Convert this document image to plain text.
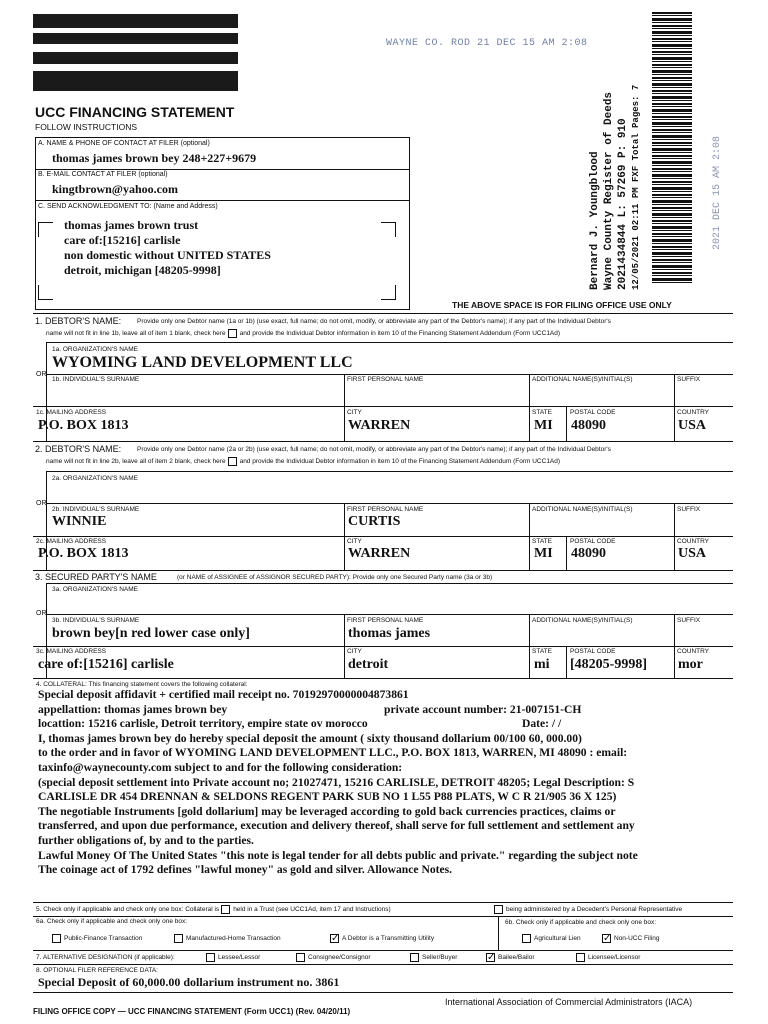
UCC FINANCING STATEMENT
FOLLOW INSTRUCTIONS
WAYNE CO. ROD 21 DEC 15 AM 2:08
A. NAME & PHONE OF CONTACT AT FILER (optional)
thomas james brown bey 248+227+9679
B. E-MAIL CONTACT AT FILER (optional)
kingtbrown@yahoo.com
C. SEND ACKNOWLEDGMENT TO: (Name and Address)
thomas james brown trust
care of:[15216] carlisle
non domestic without UNITED STATES
detroit, michigan [48205-9998]	Bernard J. Youngblood Wayne County Register of Deeds 2021434844 L: 57269 P: 910 12/05/2021 02:11 PM FXF Total Pages: 7	2021 DEC 15 AM 2:08
THE ABOVE SPACE IS FOR FILING OFFICE USE ONLY
1. DEBTOR'S NAME: Provide only one Debtor name (1a or 1b) (use exact, full name; do not omit, modify, or abbreviate any part of the Debtor's name); if any part of the Individual Debtor's
name will not fit in line 1b, leave all of item 1 blank, check here and provide the Individual Debtor information in item 10 of the Financing Statement Addendum (Form UCC1Ad)
OR
1a. ORGANIZATION'S NAME
WYOMING LAND DEVELOPMENT LLC
1b. INDIVIDUAL'S SURNAME	FIRST PERSONAL NAME	ADDITIONAL NAME(S)/INITIAL(S)	SUFFIX
1c. MAILING ADDRESS
P.O. BOX 1813
CITY
WARREN
STATE
MI
POSTAL CODE
48090
COUNTRY
USA
2. DEBTOR'S NAME: Provide only one Debtor name (2a or 2b) (use exact, full name; do not omit, modify, or abbreviate any part of the Debtor's name); if any part of the Individual Debtor's
name will not fit in line 2b, leave all of item 2 blank, check here and provide the Individual Debtor information in item 10 of the Financing Statement Addendum (Form UCC1Ad)
OR
2a. ORGANIZATION'S NAME
2b. INDIVIDUAL'S SURNAME
WINNIE
FIRST PERSONAL NAME
CURTIS
ADDITIONAL NAME(S)/INITIAL(S)	SUFFIX
2c. MAILING ADDRESS
P.O. BOX 1813
CITY
WARREN
STATE
MI
POSTAL CODE
48090
COUNTRY
USA
3. SECURED PARTY'S NAME	(or NAME of ASSIGNEE of ASSIGNOR SECURED PARTY): Provide only one Secured Party name (3a or 3b)
OR
3a. ORGANIZATION'S NAME
3b. INDIVIDUAL'S SURNAME
brown bey[n red lower case only]
FIRST PERSONAL NAME
thomas james
ADDITIONAL NAME(S)/INITIAL(S)	SUFFIX
3c. MAILING ADDRESS
care of:[15216] carlisle
CITY
detroit
STATE
mi
POSTAL CODE
[48205-9998]
COUNTRY
mor
4. COLLATERAL: This financing statement covers the following collateral:

Special deposit affidavit + certified mail receipt no. 70192970000004873861

appellattion: thomas james brown bey	private account number: 21-007151-CH

locattion: 15216 carlisle, Detroit territory, empire state ov morocco	Date: / /

I, thomas james brown bey do hereby special deposit the amount ( sixty thousand dollarium 00/100 60, 000.00)

to the order and in favor of WYOMING LAND DEVELOPMENT LLC., P.O. BOX 1813, WARREN, MI 48090 : email:

taxinfo@waynecounty.com subject to and for the following consideration:

(special deposit settlement into Private account no; 21027471, 15216 CARLISLE, DETROIT 48205; Legal Description: S

CARLISLE DR 454 DRENNAN & SELDONS REGENT PARK SUB NO 1 L55 P88 PLATS, W C R 21/905 36 X 125)

The negotiable Instruments [gold dollarium] may be leveraged according to gold back currencies practices, claims or

transferred, and upon due performance, execution and delivery thereof, shall serve for full settlement and settlement any

further obligations of, by and to the parties.

Lawful Money Of The United States "this note is legal tender for all debts public and private." regarding the subject note

The coinage act of 1792 defines "lawful money" as gold and silver. Allowance Notes.

5. Check only if applicable and check only one box: Collateral is held in a Trust (see UCC1Ad, item 17 and Instructions)	being administered by a Decedent's Personal Representative
6a. Check only if applicable and check only one box:	6b. Check only if applicable and check only one box:
Public-Finance Transaction	Manufactured-Home Transaction	✓ A Debtor is a Transmitting Utility	Agricultural Lien ✓ Non-UCC Filing
7. ALTERNATIVE DESIGNATION (if applicable):	Lessee/Lessor	Consignee/Consignor	Seller/Buyer	✓ Bailee/Bailor	Licensee/Licensor
8. OPTIONAL FILER REFERENCE DATA:
Special Deposit of 60,000.00 dollarium instrument no. 3861
FILING OFFICE COPY — UCC FINANCING STATEMENT (Form UCC1) (Rev. 04/20/11)
International Association of Commercial Administrators (IACA)
